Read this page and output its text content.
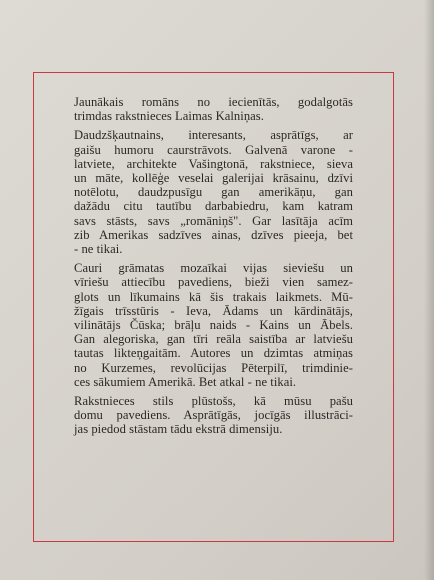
Jaunākais romāns no iecienītās, godalgotās
trimdas rakstnieces Laimas Kalniņas.

Daudzšķautnains, interesants, asprātīgs, ar
gaišu humoru caurstrāvots. Galvenā varone -
latviete, architekte Vašingtonā, rakstniece, sieva
un māte, kollēģe veselai galerijai krāsainu, dzīvi
notēlotu, daudzpusīgu gan amerikāņu, gan
dažādu citu tautību darbabiedru, kam katram
savs stāsts, savs „romāniņš". Gar lasītāja acīm
zib Amerikas sadzīves ainas, dzīves pieeja, bet
- ne tikai.

Cauri grāmatas mozaīkai vijas sieviešu un
vīriešu attiecību pavediens, bieži vien samez-
glots un līkumains kā šis trakais laikmets. Mū-
žīgais trīsstūris - Ieva, Ādams un kārdinātājs,
vilinātājs Čūska; brāļu naids - Kains un Ābels.
Gan alegoriska, gan tīri reāla saistība ar latviešu
tautas likteņgaitām. Autores un dzimtas atmiņas
no Kurzemes, revolūcijas Pēterpilī, trimdinie-
ces sākumiem Amerikā. Bet atkal - ne tikai.

Rakstnieces stils plūstošs, kā mūsu pašu
domu pavediens. Asprātīgās, jocīgās illustrāci-
jas piedod stāstam tādu ekstrā dimensiju.
